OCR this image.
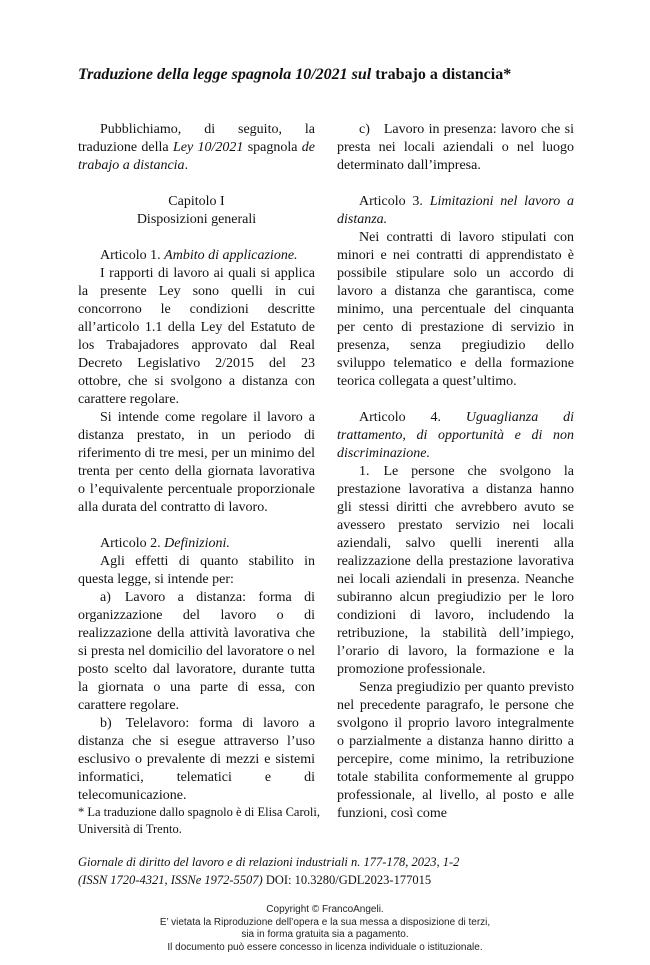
Traduzione della legge spagnola 10/2021 sul trabajo a distancia*

Pubblichiamo, di seguito, la traduzione della Ley 10/2021 spagnola de trabajo a distancia.

Capitolo I

Disposizioni generali

Articolo 1. Ambito di applicazione.

I rapporti di lavoro ai quali si applica la presente Ley sono quelli in cui concorrono le condizioni descritte all’articolo 1.1 della Ley del Estatuto de los Trabajadores approvato dal Real Decreto Legislativo 2/2015 del 23 ottobre, che si svolgono a distanza con carattere regolare.

Si intende come regolare il lavoro a distanza prestato, in un periodo di riferimento di tre mesi, per un minimo del trenta per cento della giornata lavorativa o l’equivalente percentuale proporzionale alla durata del contratto di lavoro.

Articolo 2. Definizioni.

Agli effetti di quanto stabilito in questa legge, si intende per:

a) Lavoro a distanza: forma di organizzazione del lavoro o di realizzazione della attività lavorativa che si presta nel domicilio del lavoratore o nel posto scelto dal lavoratore, durante tutta la giornata o una parte di essa, con carattere regolare.

b) Telelavoro: forma di lavoro a distanza che si esegue attraverso l’uso esclusivo o prevalente di mezzi e sistemi informatici, telematici e di telecomunicazione.

c) Lavoro in presenza: lavoro che si presta nei locali aziendali o nel luogo determinato dall’impresa.

Articolo 3. Limitazioni nel lavoro a distanza.

Nei contratti di lavoro stipulati con minori e nei contratti di apprendistato è possibile stipulare solo un accordo di lavoro a distanza che garantisca, come minimo, una percentuale del cinquanta per cento di prestazione di servizio in presenza, senza pregiudizio dello sviluppo telematico e della formazione teorica collegata a quest’ultimo.

Articolo 4. Uguaglianza di trattamento, di opportunità e di non discriminazione.

1. Le persone che svolgono la prestazione lavorativa a distanza hanno gli stessi diritti che avrebbero avuto se avessero prestato servizio nei locali aziendali, salvo quelli inerenti alla realizzazione della prestazione lavorativa nei locali aziendali in presenza. Neanche subiranno alcun pregiudizio per le loro condizioni di lavoro, includendo la retribuzione, la stabilità dell’impiego, l’orario di lavoro, la formazione e la promozione professionale.

Senza pregiudizio per quanto previsto nel precedente paragrafo, le persone che svolgono il proprio lavoro integralmente o parzialmente a distanza hanno diritto a percepire, come minimo, la retribuzione totale stabilita conformemente al gruppo professionale, al livello, al posto e alle funzioni, così come

* La traduzione dallo spagnolo è di Elisa Caroli, Università di Trento.
Giornale di diritto del lavoro e di relazioni industriali n. 177-178, 2023, 1-2
(ISSN 1720-4321, ISSNe 1972-5507) DOI: 10.3280/GDL2023-177015
Copyright © FrancoAngeli.
E’ vietata la Riproduzione dell’opera e la sua messa a disposizione di terzi,
sia in forma gratuita sia a pagamento.
Il documento può essere concesso in licenza individuale o istituzionale.
